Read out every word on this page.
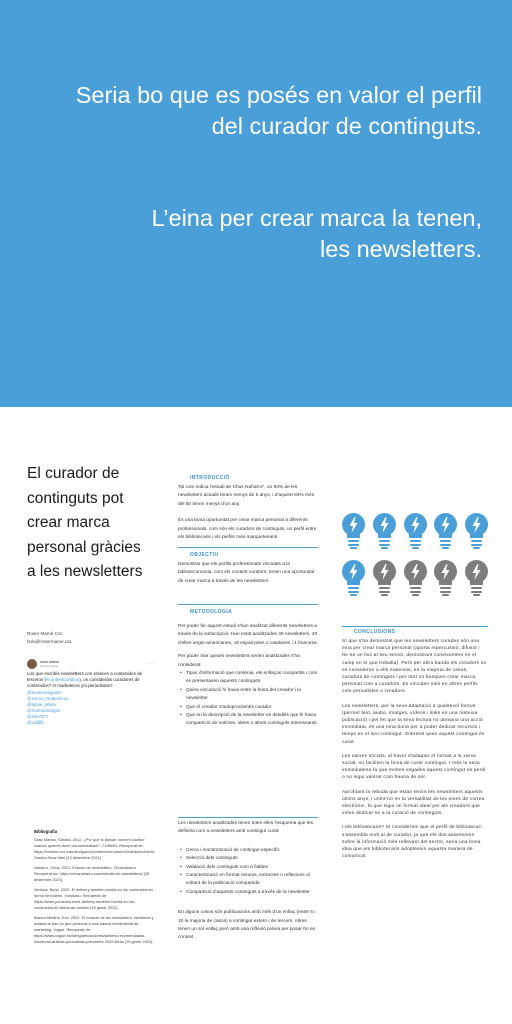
Seria bo que es posés en valor el perfil
del curador de continguts.
L’eina per crear marca la tenen,
les newsletters.
El curador de continguts pot crear marca personal gràcies a les newsletters
Roser Mamé Cot
hola@rosermame.cat
roser mamé
@rosermame	···
Los que escribís newsletters con enlaces a contenidos de terceros (#contentcuration), os consideráis curadores de contenidos? O marketeros y/o periodistas?
@evaesmagustin
@Homo_Rodecticus
@lazee_Masa
@marmaniSigue
@mik7877
@oddflb
Bibliografia

Sanz Martos, Sandra. 2012. ¿Por qué lo llaman 'content curator' cuando quieren decir documentalista?. COMeIN. Recuperat de: https://comein.uoc.edu/divulgacio/comein/es/numero10/articles/Article-Sandra-Sanz.html [23 desembre 2021].

Naharro, Chus. 2021. Estudio de newsletters. Chusnaharro. Recuperat de: https://chusnaharro.com/estudio-de-newsletters/ [28 desembre 2021].

Ventura, Borja. 2022. El delivery también triunfa en los contenidos en forma de boletín. Yorokobu. Recuperat de: https://www.yorokobu.es/el-delivery-tambien-triunfa-en-los-contenidos-en-forma-de-boletin/ [15 gener 2022].

Blanco Medina, Eva. 2020. El renacer de las newsletters: escritores y artistas te dan un giro personal a una clásica herramienta de marketing. Vogue. Recuperat de: https://www.vogue.es/living/articulos/newsletters-recomendadas-escritoras-artistas-periodistas-primavera-2020-libros [15 gener 2022].

INTRODUCCIÓ
Tal com indica l'estudi de Chus Naharro*, un 93% de les newsletters actuals tenen menys de 5 anys, i d'aquest 93% més del 50 tenen menys d'un any.
És una bona oportunitat per crear marca personal a diferents professionals, com són els curadors de continguts, un perfil entre els bibliotecaris i els perfils més marqueterians.
OBJECTIU
Demostrar que els perfils professionals vinculats a la biblioteconomia, com els content curators, tenen una oportunitat de crear marca a través de les newsletters
METODOLOGIA
Per poder fer aquest estudi s'han analitzat diferents newsletters a través de la subscripció. Han estat analitzades 40 newsletters, 20 d'elles anglo-americanes, 19 espanyoles o catalanes i 1 francesa.
Per poder triar quines newsletters serien analitzades s'ha considerat:
• Tipus d'informació que contenia, els enllaços compartits i com es presentaven aquests continguts.
• Quina vinculació hi havia entre la feina del creador i la newsletter
• Que el creador s'autoproclamés curador
• Que en la descripció de la newsletter es detallés que hi havia compartició de notícies, idees o altres continguts interessants.
Les newsletters analitzades tenen totes elles l'esquema que les definiria com a newsletters amb contingut curat:
• Cerca i monitorització de contingut específic
• Selecció dels continguts
• Validació dels continguts com a fiables
• Caracterització en format resums, extractes o reflexions al voltant de la publicació compartida
• Compartició d'aquests continguts a través de la newsletter
En alguns casos són publicacions amb més d'un enllaç (entre 5 i 10 la majoria de casos) a contingut extern i de tercers. Altres tenen un sol enllaç però amb una reflexió prèvia per posar-ho en context.
CONCLUSIONS
Sí que s'ha demostrat que les newsletters curades són una eina per crear marca personal (aporta repercussió, difusió i fer-se un lloc al seu sector, demostrant coneixement en el camp en el que treballa). Però per altra banda els creadors no es consideren a ells mateixos, en la majoria de casos, curadors de continguts i per tant no busquen crear marca personal com a curadors. Es vinculen més en altres perfils com periodistes o creadors.
Les newsletters, per la seva adaptació a qualsevol format (permet text, àudio, imatges, vídeos i links en una mateixa publicació) i pel fet que la seva lectura no demana una acció immediata, és una eina bona per a poder dedicar recursos i temps en el seu contingut. Sobretot quan aquest contingut és curat.
Les xarxes socials, al haver d'adaptar el format a la xarxa social, no faciliten la feina de curar contingut. I més la seva immediatesa fa que moltes vegades aquest contingut es perdi o no sigui valorat com hauria de ser.
Aprofitant la rebuda que estan tenint les newsletters aquests últims anys, i unint-ho en la versatilitat de les eines de correu electrònic, fa que sigui un format ideal per als creadors que volen dedicar-se a la curació de continguts.
I els bibliotecaris? Si considerem que el perfil de bibliotecari s'assembla molt al de curador, ja que els dos assessoren sobre la informació més rellevant del sector, seria una bona idea que els bibliotecaris adoptéssin aquesta manera de comunicar.
